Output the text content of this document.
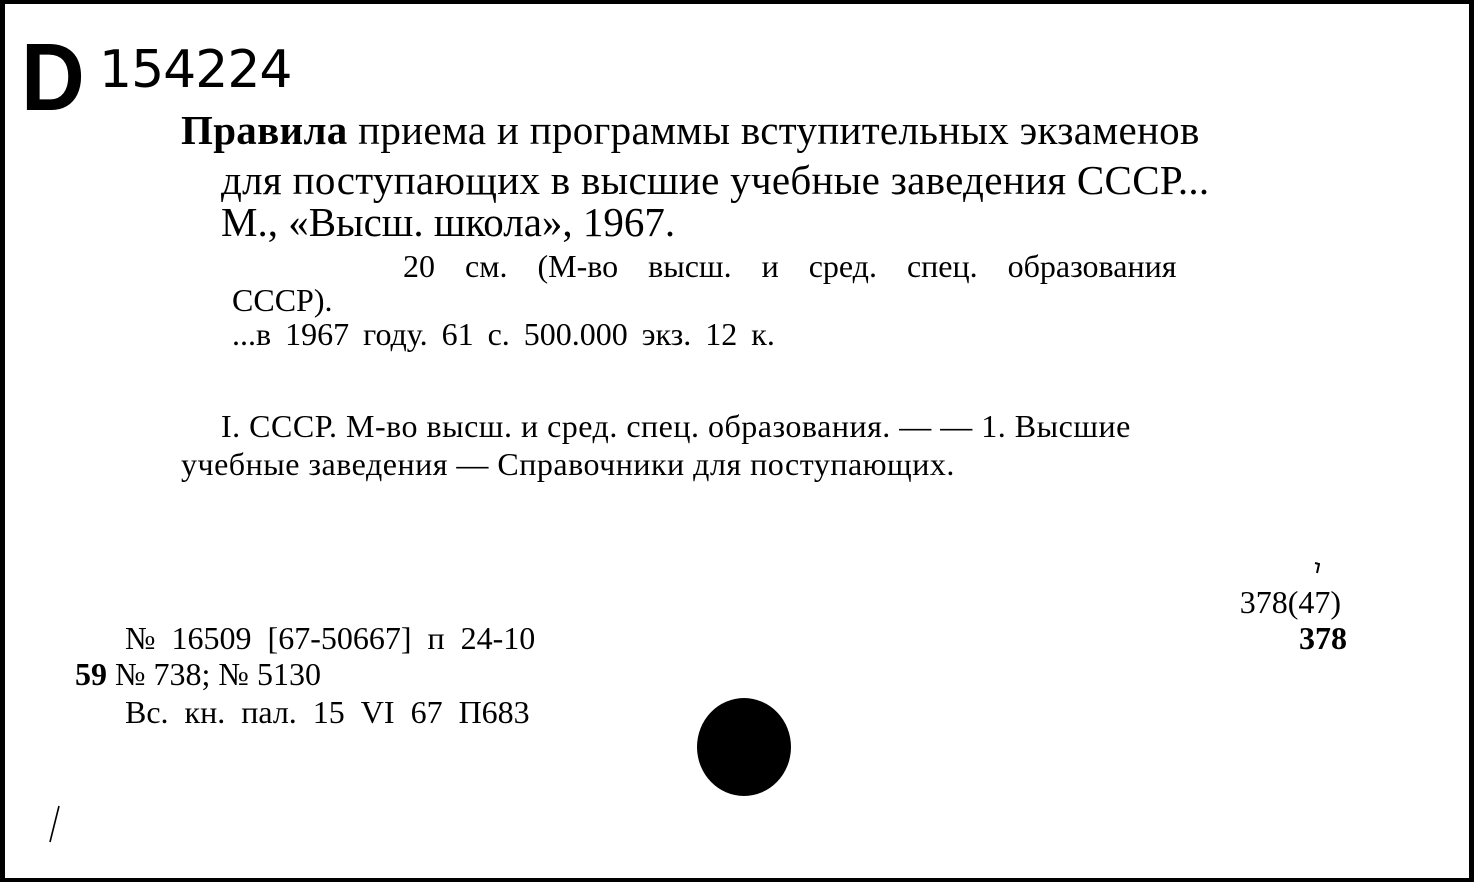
D 154224
Правила приема и программы вступительных экзаменов
для поступающих в высшие учебные заведения СССР...
М., «Высш. школа», 1967.
20 см. (М-во высш. и сред. спец. образования
СССР).
...в 1967 году. 61 с. 500.000 экз. 12 к.
I. СССР. М-во высш. и сред. спец. образования. — — 1. Высшие
учебные заведения — Справочники для поступающих.
378(47)
378
№ 16509 [67-50667] п 24-10
59 № 738; № 5130
Вс. кн. пал. 15 VI 67 П683
